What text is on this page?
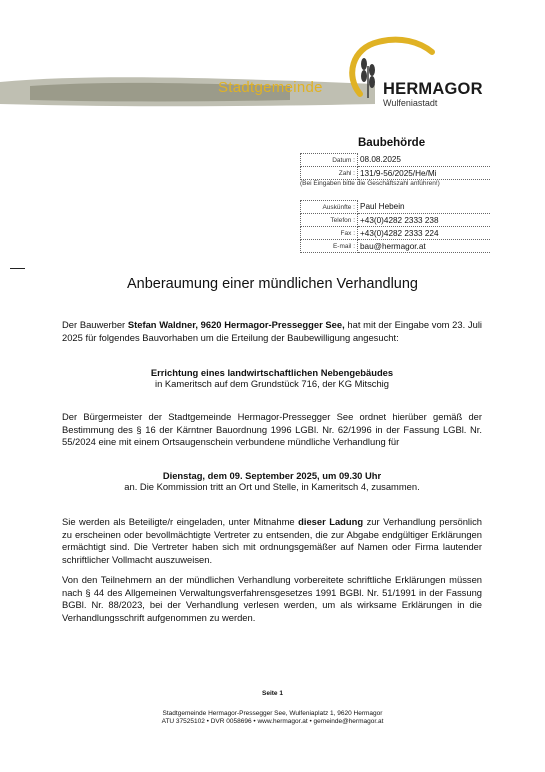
Stadtgemeinde	HERMAGOR
Wulfeniastadt
Baubehörde
Datum :	08.08.2025
Zahl :	131/9-56/2025/He/Mi
(Bei Eingaben bitte die Geschäftszahl anführen!)
Auskünfte :	Paul Hebein
Telefon :	+43(0)4282 2333 238
Fax :	+43(0)4282 2333 224
E-mail :	bau@hermagor.at
Anberaumung einer mündlichen Verhandlung
Der Bauwerber Stefan Waldner, 9620 Hermagor-Pressegger See, hat mit der Eingabe vom 23. Juli 2025 für folgendes Bauvorhaben um die Erteilung der Baubewilligung angesucht:
Errichtung eines landwirtschaftlichen Nebengebäudes
in Kameritsch auf dem Grundstück 716, der KG Mitschig
Der Bürgermeister der Stadtgemeinde Hermagor-Pressegger See ordnet hierüber gemäß der Bestimmung des § 16 der Kärntner Bauordnung 1996 LGBl. Nr. 62/1996 in der Fassung LGBl. Nr. 55/2024 eine mit einem Ortsaugenschein verbundene mündliche Verhandlung für
Dienstag, dem 09. September 2025, um 09.30 Uhr
an. Die Kommission tritt an Ort und Stelle, in Kameritsch 4, zusammen.
Sie werden als Beteiligte/r eingeladen, unter Mitnahme dieser Ladung zur Verhandlung persönlich zu erscheinen oder bevollmächtigte Vertreter zu entsenden, die zur Abgabe endgültiger Erklärungen ermächtigt sind. Die Vertreter haben sich mit ordnungsgemäßer auf Namen oder Firma lautender schriftlicher Vollmacht auszuweisen.
Von den Teilnehmern an der mündlichen Verhandlung vorbereitete schriftliche Erklärungen müssen nach § 44 des Allgemeinen Verwaltungsverfahrensgesetzes 1991 BGBl. Nr. 51/1991 in der Fassung BGBl. Nr. 88/2023, bei der Verhandlung verlesen werden, um als wirksame Erklärungen in die Verhandlungsschrift aufgenommen zu werden.
Seite 1
Stadtgemeinde Hermagor-Pressegger See, Wulfeniaplatz 1, 9620 Hermagor
ATU 37525102 • DVR 0058696 • www.hermagor.at • gemeinde@hermagor.at
